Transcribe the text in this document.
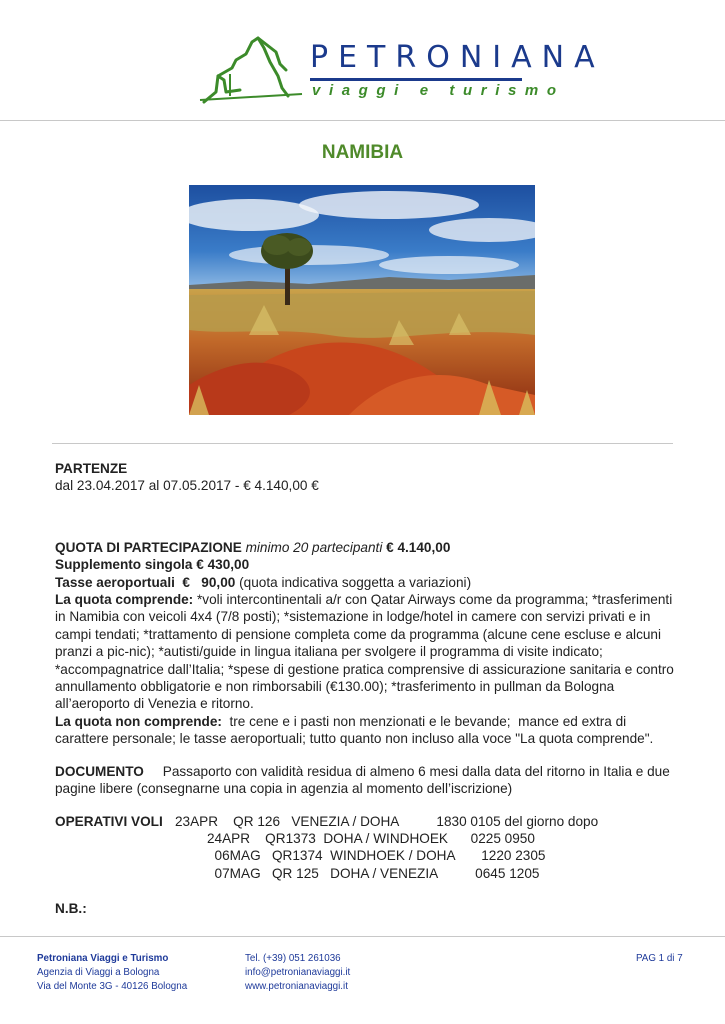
PETRONIANA
viaggi e turismo
NAMIBIA
PARTENZE
dal 23.04.2017 al 07.05.2017 - € 4.140,00 €
QUOTA DI PARTECIPAZIONE minimo 20 partecipanti € 4.140,00
Supplemento singola € 430,00
Tasse aeroportuali  €   90,00 (quota indicativa soggetta a variazioni)
La quota comprende: *voli intercontinentali a/r con Qatar Airways come da programma; *trasferimenti in Namibia con veicoli 4x4 (7/8 posti); *sistemazione in lodge/hotel in camere con servizi privati e in campi tendati; *trattamento di pensione completa come da programma (alcune cene escluse e alcuni pranzi a pic-nic); *autisti/guide in lingua italiana per svolgere il programma di visite indicato; *accompagnatrice dall’Italia; *spese di gestione pratica comprensive di assicurazione sanitaria e contro annullamento obbligatorie e non rimborsabili (€130.00); *trasferimento in pullman da Bologna all’aeroporto di Venezia e ritorno.
La quota non comprende:  tre cene e i pasti non menzionati e le bevande;  mance ed extra di carattere personale; le tasse aeroportuali; tutto quanto non incluso alla voce "La quota comprende".
DOCUMENTO     Passaporto con validità residua di almeno 6 mesi dalla data del ritorno in Italia e due pagine libere (consegnarne una copia in agenzia al momento dell’iscrizione)
OPERATIVI VOLI 23APR    QR 126   VENEZIA / DOHA          1830 0105 del giorno dopo
24APR    QR1373  DOHA / WINDHOEK      0225 0950
06MAG   QR1374  WINDHOEK / DOHA       1220 2305
07MAG   QR 125   DOHA / VENEZIA          0645 1205
N.B.:
Petroniana Viaggi e Turismo
Agenzia di Viaggi a Bologna
Via del Monte 3G - 40126 Bologna
Tel. (+39) 051 261036
info@petronianaviaggi.it
www.petronianaviaggi.it
PAG 1 di 7
